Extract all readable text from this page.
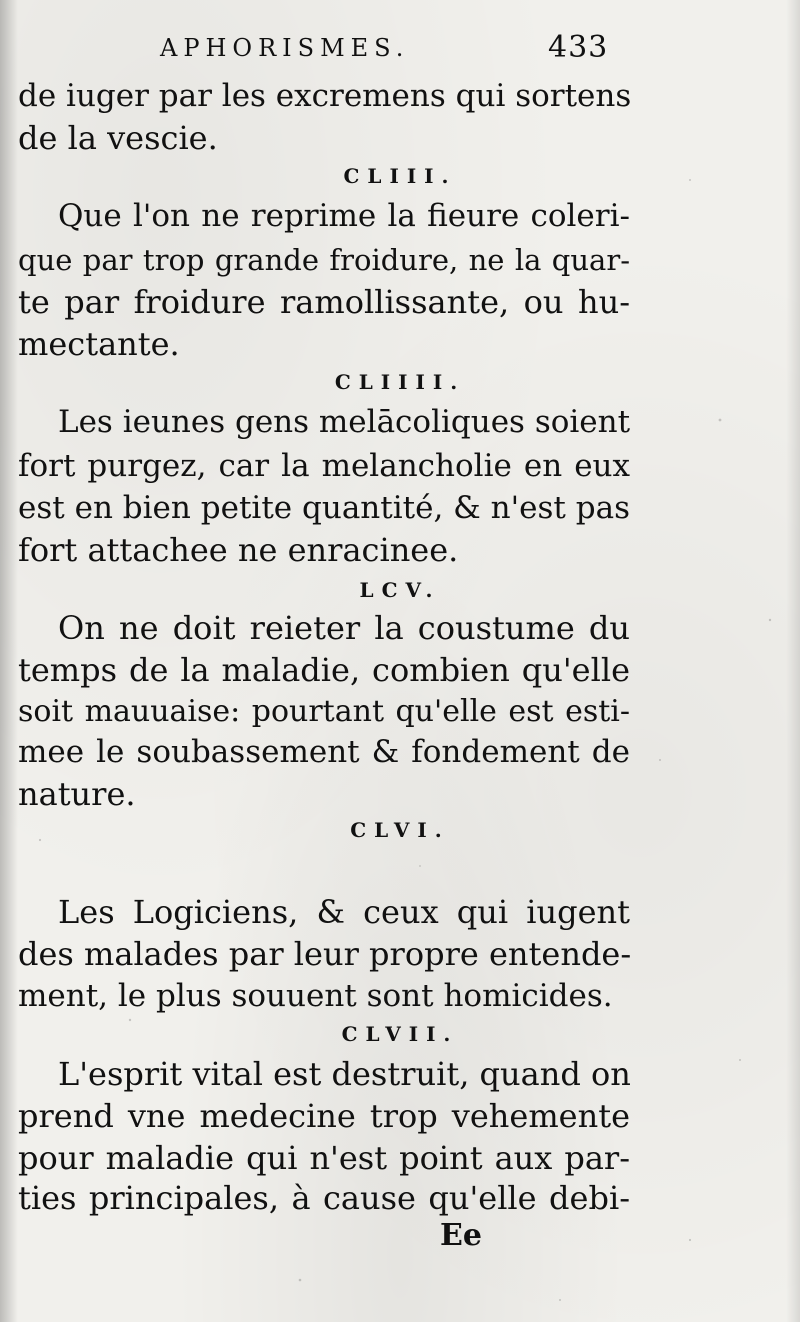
APHORISMES.	433
de iuger par les excremens qui sortens
de la vescie.
CLIII.
Que l'on ne reprime la fieure coleri-
que par trop grande froidure, ne la quar-
te par froidure ramollissante, ou hu-
mectante.
CLIIII.
Les ieunes gens melācoliques soient
fort purgez, car la melancholie en eux
est en bien petite quantité, & n'est pas
fort attachee ne enracinee.
LCV.
On ne doit reieter la coustume du
temps de la maladie, combien qu'elle
soit mauuaise: pourtant qu'elle est esti-
mee le soubassement & fondement de
nature.
CLVI.
Les Logiciens, & ceux qui iugent
des malades par leur propre entende-
ment, le plus souuent sont homicides.
CLVII.
L'esprit vital est destruit, quand on
prend vne medecine trop vehemente
pour maladie qui n'est point aux par-
ties principales, à cause qu'elle debi-
Ee
